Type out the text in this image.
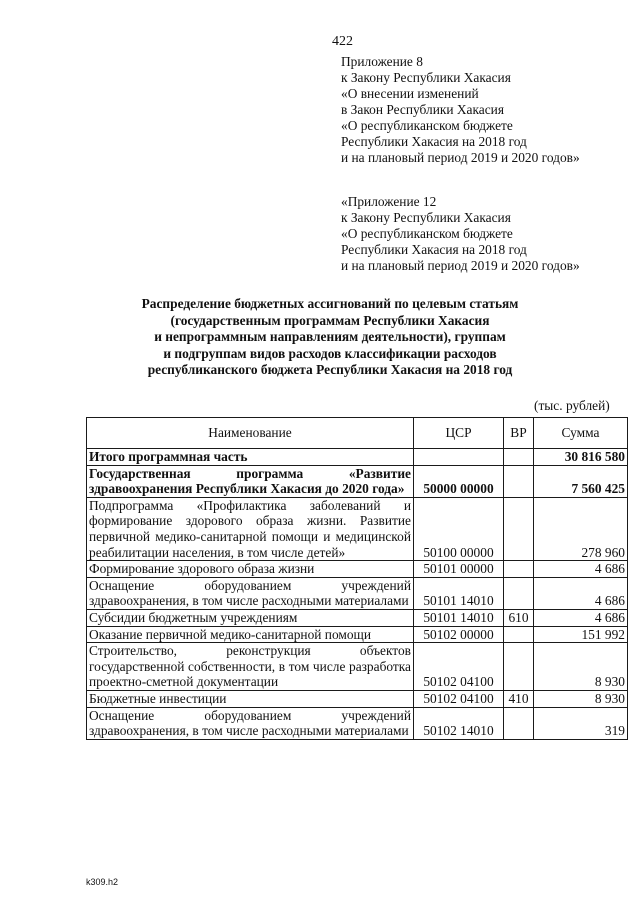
422
Приложение 8
к Закону Республики Хакасия
«О внесении изменений
в Закон Республики Хакасия
«О республиканском бюджете
Республики Хакасия на 2018 год
и на плановый период 2019 и 2020 годов»
«Приложение 12
к Закону Республики Хакасия
«О республиканском бюджете
Республики Хакасия на 2018 год
и на плановый период 2019 и 2020 годов»
Распределение бюджетных ассигнований по целевым статьям
(государственным программам Республики Хакасия
и непрограммным направлениям деятельности), группам
и подгруппам видов расходов классификации расходов
республиканского бюджета Республики Хакасия на 2018 год
(тыс. рублей)
Наименование	ЦСР	ВР	Сумма
Итого программная часть			30 816 580
Государственная программа «Развитие здравоохранения Республики Хакасия до 2020 года»	50000 00000		7 560 425
Подпрограмма «Профилактика заболеваний и формирование здорового образа жизни. Развитие первичной медико-санитарной помощи и медицинской реабилитации населения, в том числе детей»	50100 00000		278 960
Формирование здорового образа жизни	50101 00000		4 686
Оснащение оборудованием учреждений здравоохранения, в том числе расходными материалами	50101 14010		4 686
Субсидии бюджетным учреждениям	50101 14010	610	4 686
Оказание первичной медико-санитарной помощи	50102 00000		151 992
Строительство, реконструкция объектов государственной собственности, в том числе разработка проектно-сметной документации	50102 04100		8 930
Бюджетные инвестиции	50102 04100	410	8 930
Оснащение оборудованием учреждений здравоохранения, в том числе расходными материалами	50102 14010		319
k309.h2
